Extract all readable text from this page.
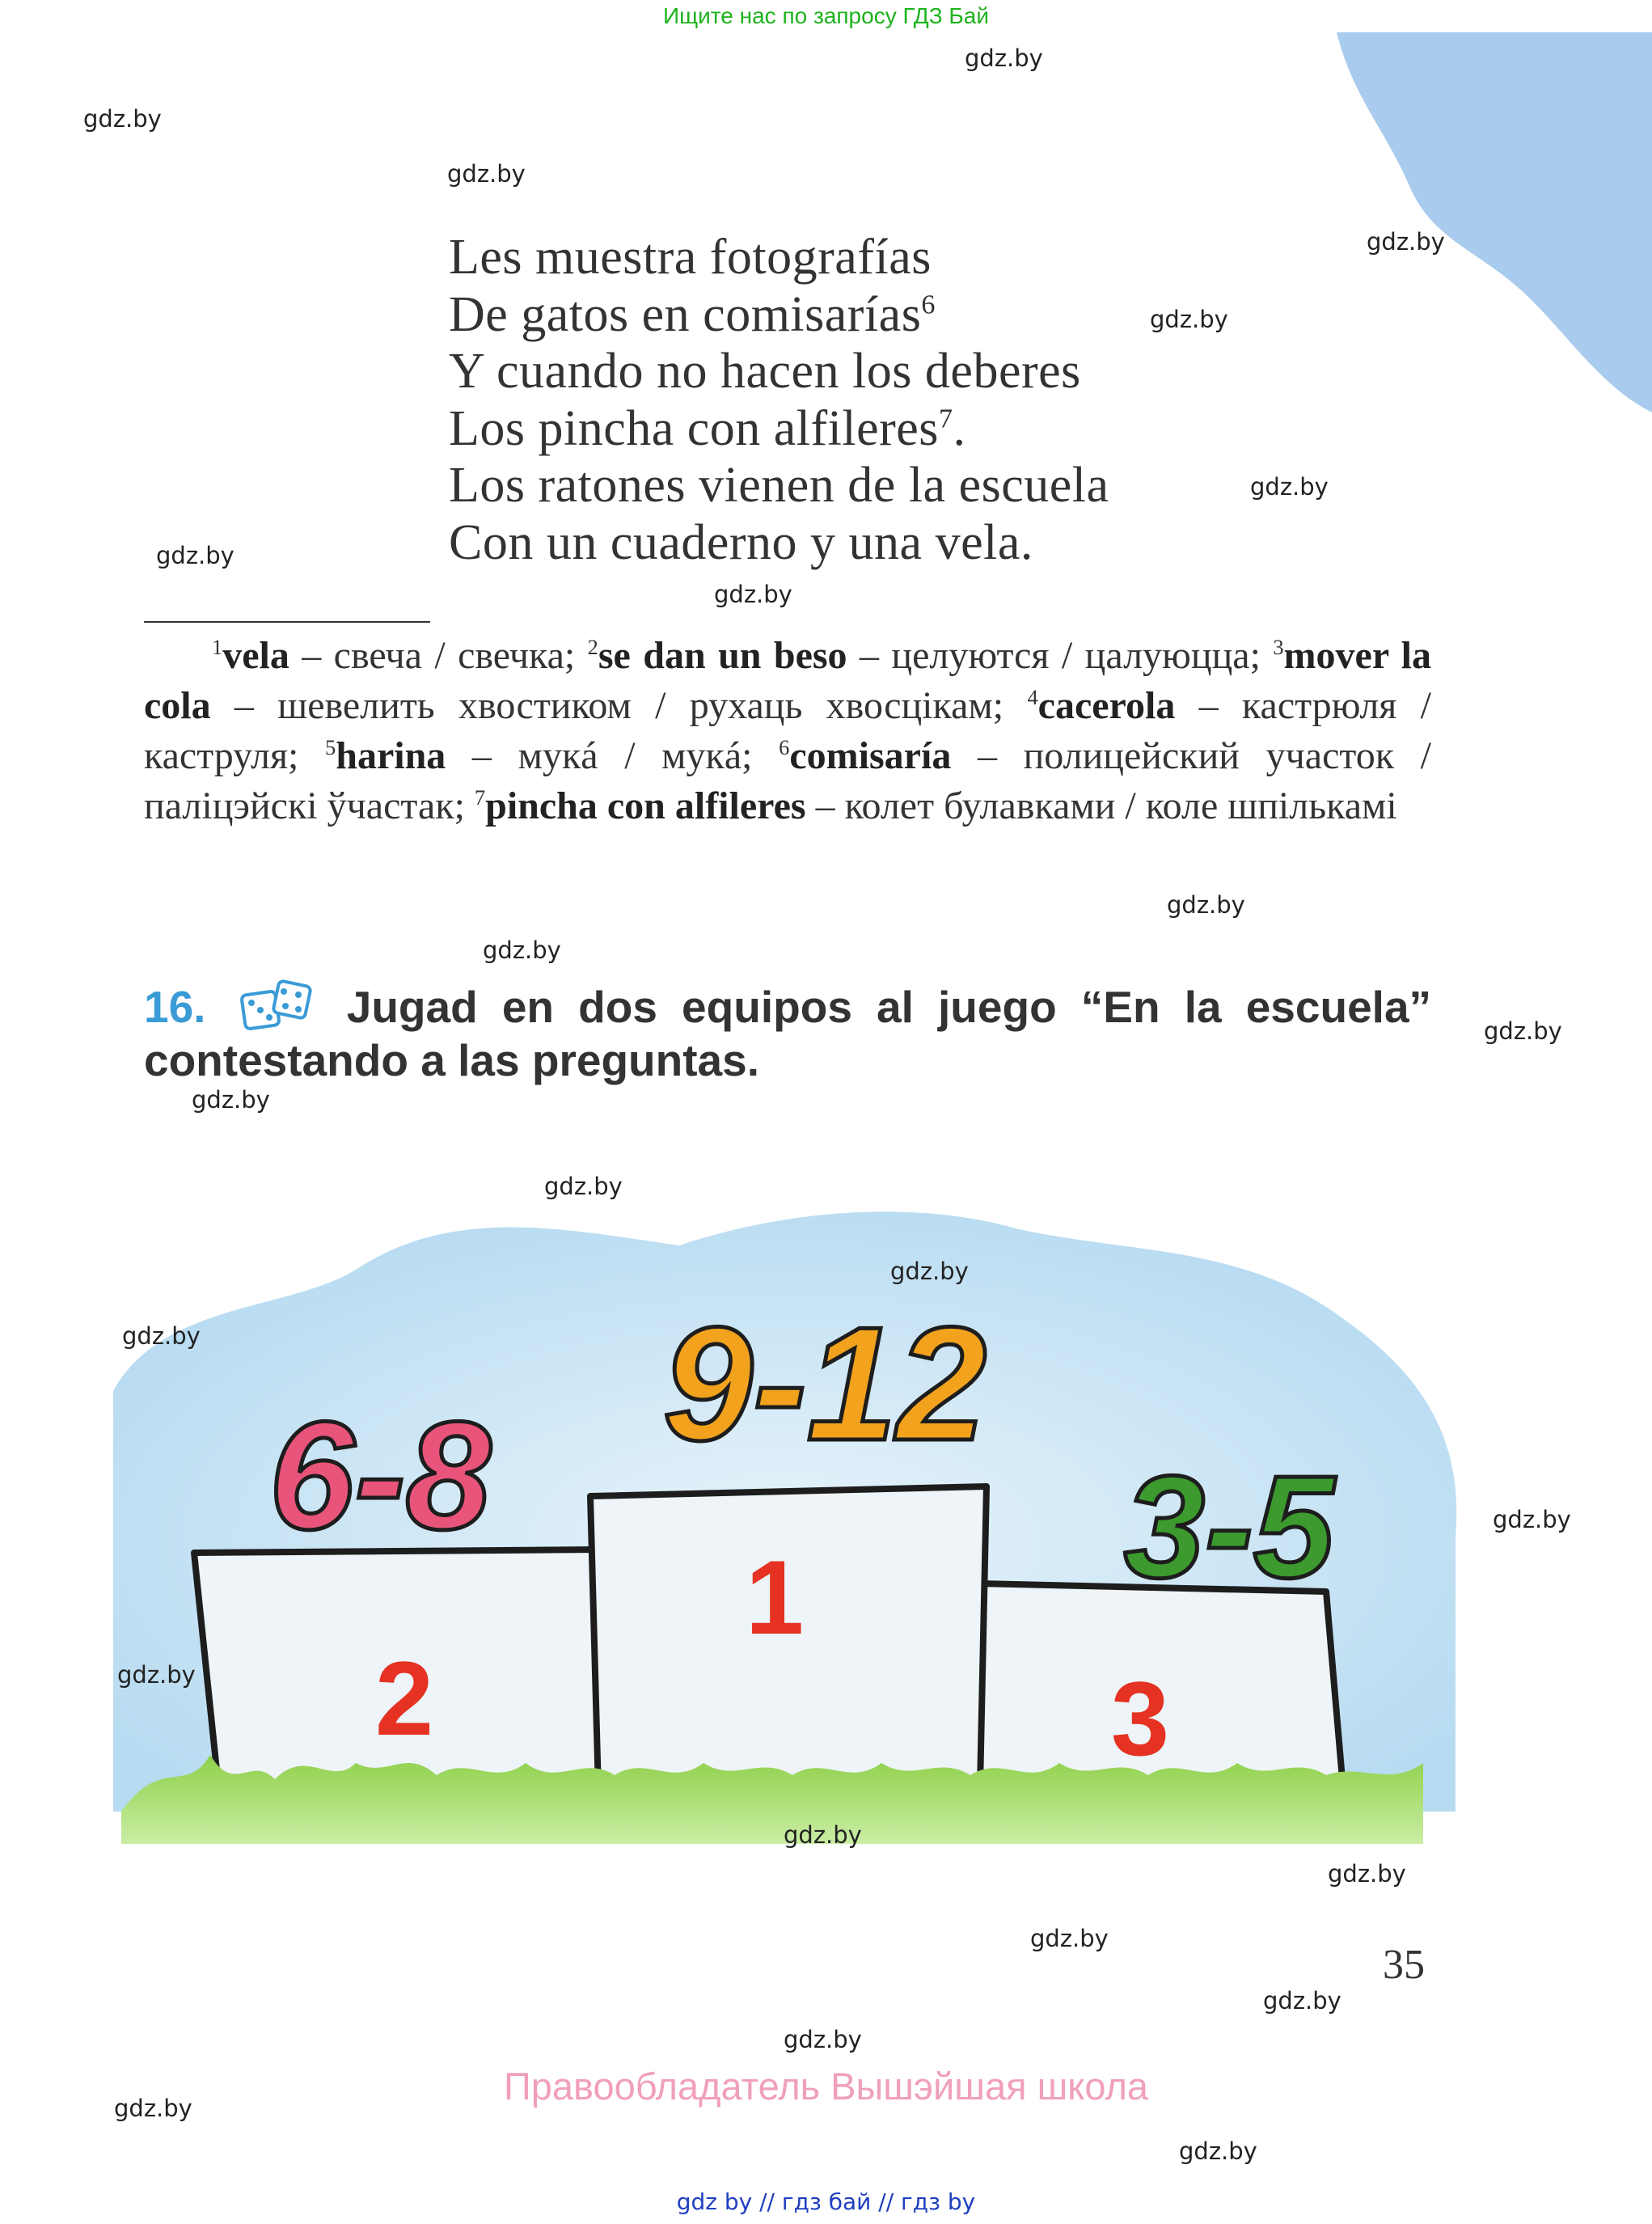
Ищите нас по запросу ГДЗ Бай
Les muestra fotografías
De gatos en comisarías$^6$
Y cuando no hacen los deberes
Los pincha con alfileres$^7$.
Los ratones vienen de la escuela
Con un cuaderno y una vela.
$^1$vela – свеча / свечка; $^2$se dan un beso – целуются / цалуюцца; $^3$mover la cola – шевелить хвостиком / рухаць хвосцікам; $^4$cacerola – кастрюля / каструля; $^5$harina – мукá / мукá; $^6$comisaría – полицейский участок / паліцэйскі ўчастак; $^7$pincha con alfileres – колет булавками / коле шпількамі
16.	Jugad en dos equipos al juego “En la escuela” contestando a las preguntas.
6-8
9-12
3-5
1
2	3
35
Правообладатель Вышэйшая школа
gdz by // гдз бай // гдз by
gdz.by
gdz.by
gdz.by
gdz.by
gdz.by
gdz.by
gdz.by
gdz.by
gdz.by
gdz.by
gdz.by
gdz.by
gdz.by
gdz.by
gdz.by
gdz.by
gdz.by
gdz.by
gdz.by
gdz.by
gdz.by
gdz.by
gdz.by
gdz.by
